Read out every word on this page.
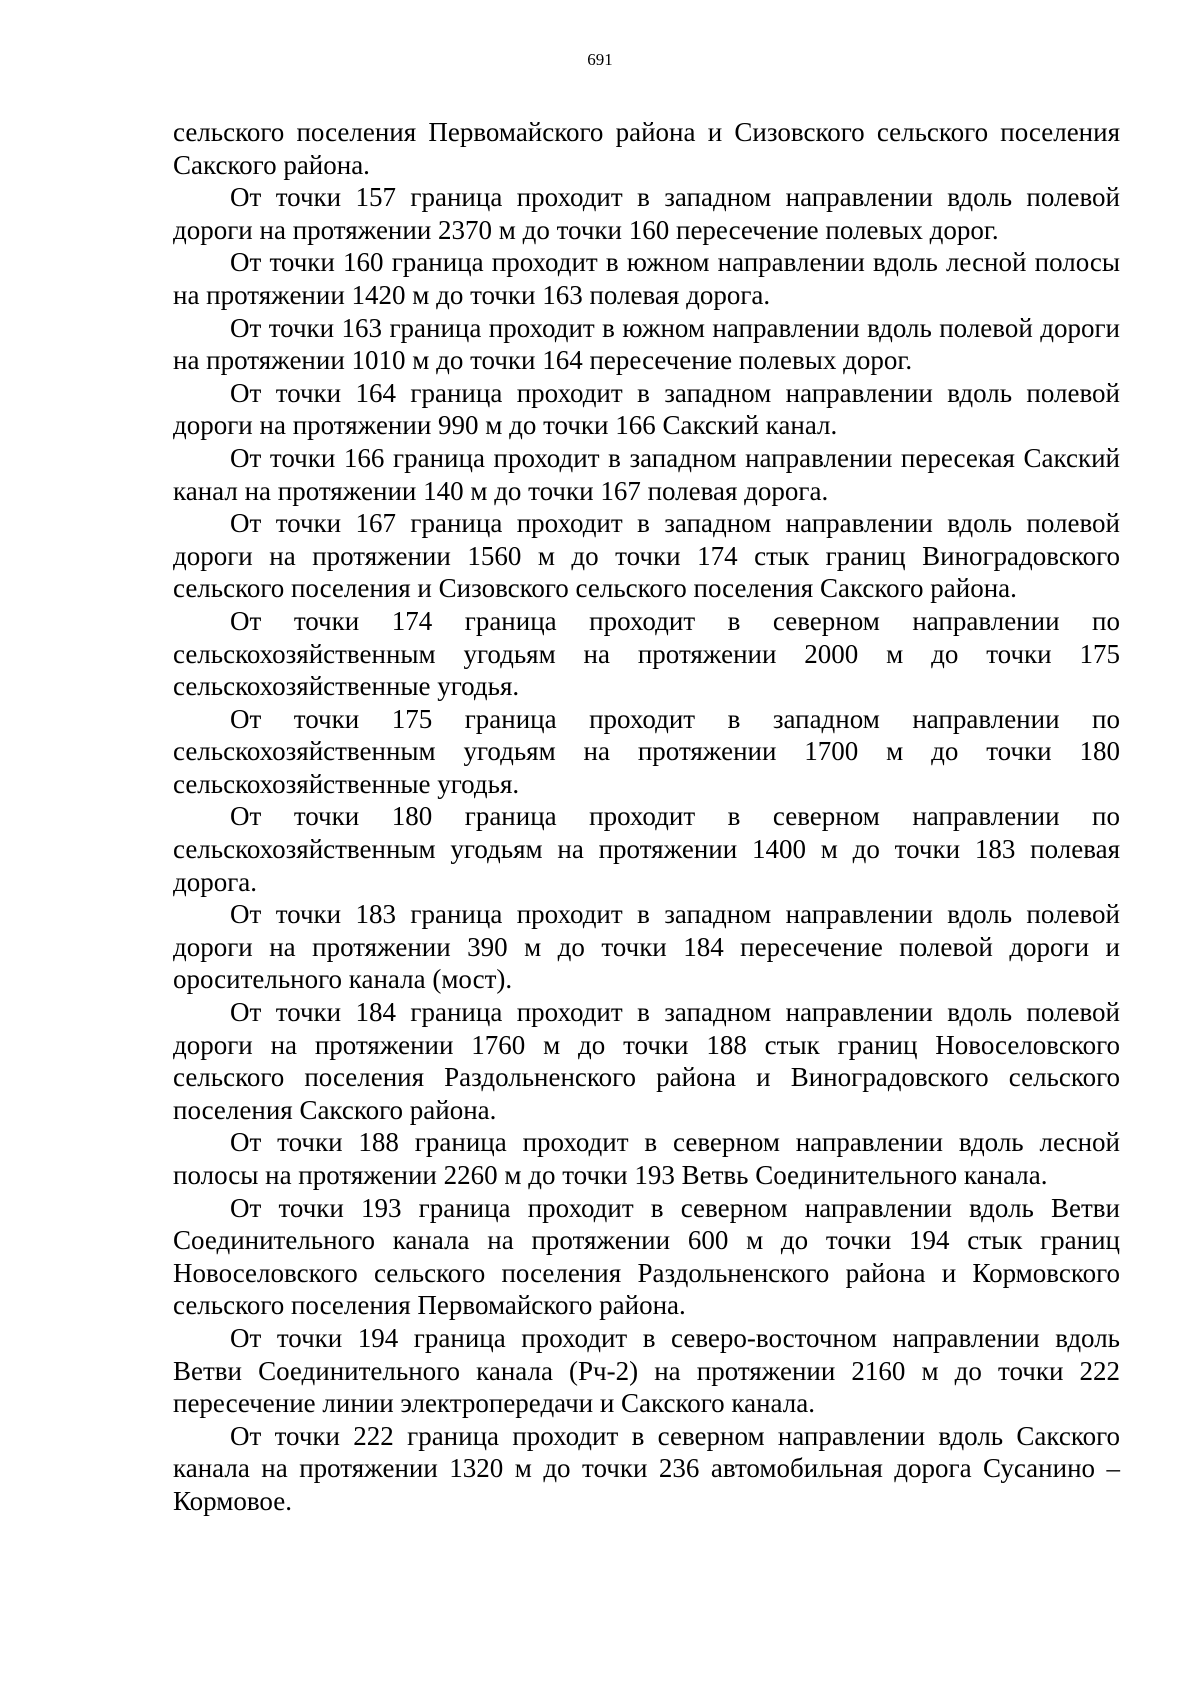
691

сельского поселения Первомайского района и Сизовского сельского поселения Сакского района.

От точки 157 граница проходит в западном направлении вдоль полевой дороги на протяжении 2370 м до точки 160 пересечение полевых дорог.

От точки 160 граница проходит в южном направлении вдоль лесной полосы на протяжении 1420 м до точки 163 полевая дорога.

От точки 163 граница проходит в южном направлении вдоль полевой дороги на протяжении 1010 м до точки 164 пересечение полевых дорог.

От точки 164 граница проходит в западном направлении вдоль полевой дороги на протяжении 990 м до точки 166 Сакский канал.

От точки 166 граница проходит в западном направлении пересекая Сакский канал на протяжении 140 м до точки 167 полевая дорога.

От точки 167 граница проходит в западном направлении вдоль полевой дороги на протяжении 1560 м до точки 174 стык границ Виноградовского сельского поселения и Сизовского сельского поселения Сакского района.

От точки 174 граница проходит в северном направлении по сельскохозяйственным угодьям на протяжении 2000 м до точки 175 сельскохозяйственные угодья.

От точки 175 граница проходит в западном направлении по сельскохозяйственным угодьям на протяжении 1700 м до точки 180 сельскохозяйственные угодья.

От точки 180 граница проходит в северном направлении по сельскохозяйственным угодьям на протяжении 1400 м до точки 183 полевая дорога.

От точки 183 граница проходит в западном направлении вдоль полевой дороги на протяжении 390 м до точки 184 пересечение полевой дороги и оросительного канала (мост).

От точки 184 граница проходит в западном направлении вдоль полевой дороги на протяжении 1760 м до точки 188 стык границ Новоселовского сельского поселения Раздольненского района и Виноградовского сельского поселения Сакского района.

От точки 188 граница проходит в северном направлении вдоль лесной полосы на протяжении 2260 м до точки 193 Ветвь Соединительного канала.

От точки 193 граница проходит в северном направлении вдоль Ветви Соединительного канала на протяжении 600 м до точки 194 стык границ Новоселовского сельского поселения Раздольненского района и Кормовского сельского поселения Первомайского района.

От точки 194 граница проходит в северо-восточном направлении вдоль Ветви Соединительного канала (Рч-2) на протяжении 2160 м до точки 222 пересечение линии электропередачи и Сакского канала.

От точки 222 граница проходит в северном направлении вдоль Сакского канала на протяжении 1320 м до точки 236 автомобильная дорога Сусанино – Кормовое.
